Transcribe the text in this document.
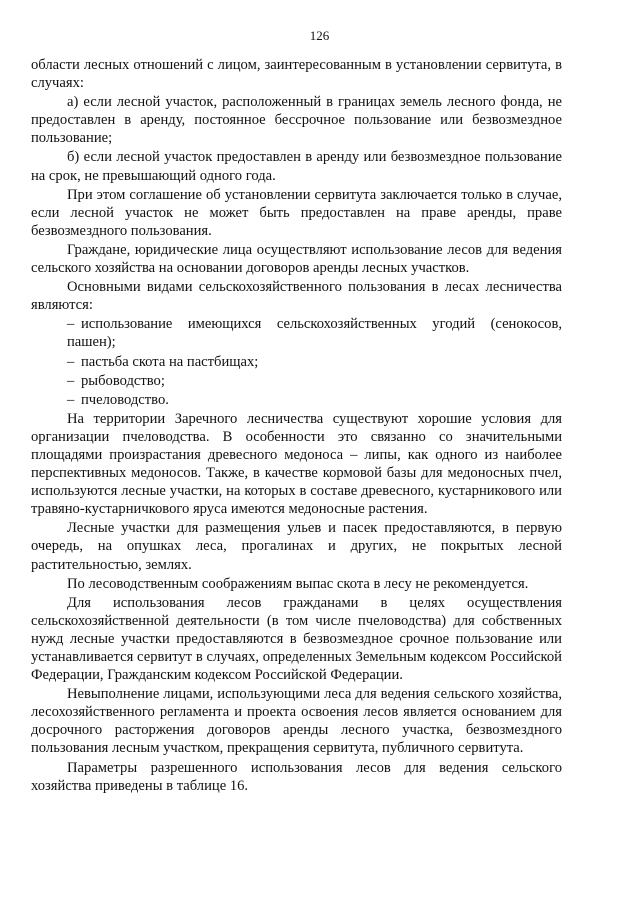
126

области лесных отношений с лицом, заинтересованным в установлении сервитута, в случаях:

а) если лесной участок, расположенный в границах земель лесного фонда, не предоставлен в аренду, постоянное бессрочное пользование или безвозмездное пользование;

б) если лесной участок предоставлен в аренду или безвозмездное пользование на срок, не превышающий одного года.

При этом соглашение об установлении сервитута заключается только в случае, если лесной участок не может быть предоставлен на праве аренды, праве безвозмездного пользования.

Граждане, юридические лица осуществляют использование лесов для ведения сельского хозяйства на основании договоров аренды лесных участков.

Основными видами сельскохозяйственного пользования в лесах лесничества являются:

– использование имеющихся сельскохозяйственных угодий (сенокосов, пашен);

– пастьба скота на пастбищах;

– рыбоводство;

– пчеловодство.

На территории Заречного лесничества существуют хорошие условия для организации пчеловодства. В особенности это связанно со значительными площадями произрастания древесного медоноса – липы, как одного из наиболее перспективных медоносов. Также, в качестве кормовой базы для медоносных пчел, используются лесные участки, на которых в составе древесного, кустарникового или травяно-кустарничкового яруса имеются медоносные растения.

Лесные участки для размещения ульев и пасек предоставляются, в первую очередь, на опушках леса, прогалинах и других, не покрытых лесной растительностью, землях.

По лесоводственным соображениям выпас скота в лесу не рекомендуется.

Для использования лесов гражданами в целях осуществления сельскохозяйственной деятельности (в том числе пчеловодства) для собственных нужд лесные участки предоставляются в безвозмездное срочное пользование или устанавливается сервитут в случаях, определенных Земельным кодексом Российской Федерации, Гражданским кодексом Российской Федерации.

Невыполнение лицами, использующими леса для ведения сельского хозяйства, лесохозяйственного регламента и проекта освоения лесов является основанием для досрочного расторжения договоров аренды лесного участка, безвозмездного пользования лесным участком, прекращения сервитута, публичного сервитута.

Параметры разрешенного использования лесов для ведения сельского хозяйства приведены в таблице 16.
